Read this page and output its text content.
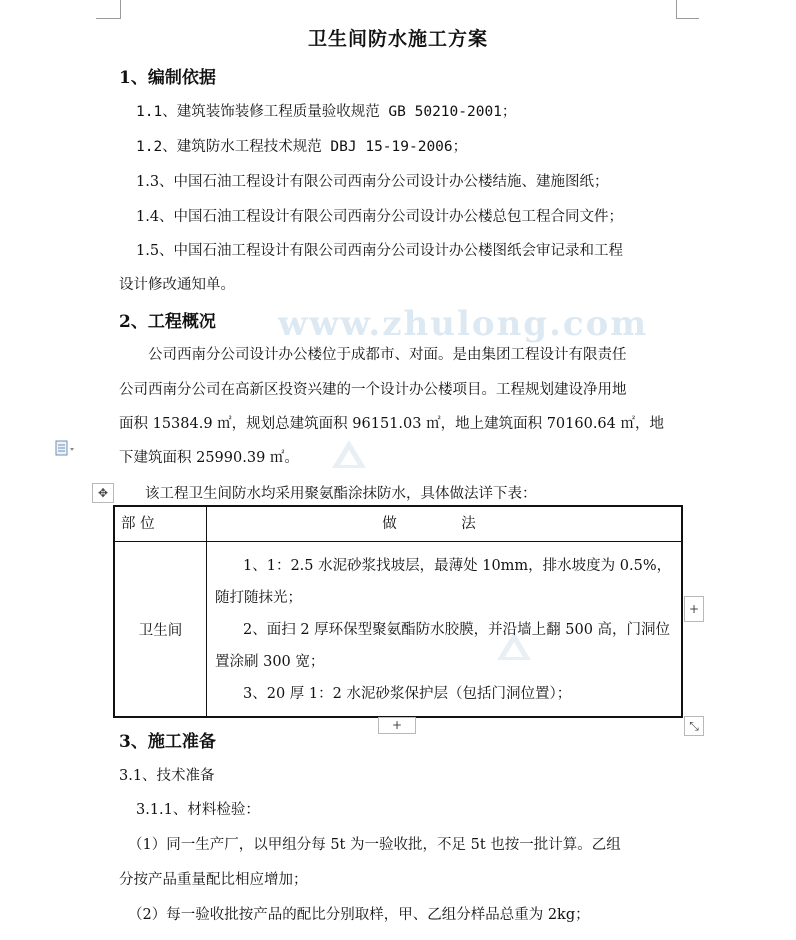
www.zhulong.com
卫生间防水施工方案
1、编制依据
1.1、建筑装饰装修工程质量验收规范 GB 50210-2001；
1.2、建筑防水工程技术规范 DBJ 15-19-2006；
1.3、中国石油工程设计有限公司西南分公司设计办公楼结施、建施图纸；
1.4、中国石油工程设计有限公司西南分公司设计办公楼总包工程合同文件；
1.5、中国石油工程设计有限公司西南分公司设计办公楼图纸会审记录和工程
设计修改通知单。
2、工程概况
公司西南分公司设计办公楼位于成都市、对面。是由集团工程设计有限责任
公司西南分公司在高新区投资兴建的一个设计办公楼项目。工程规划建设净用地
面积 15384.9 ㎡，规划总建筑面积 96151.03 ㎡，地上建筑面积 70160.64 ㎡，地
下建筑面积 25990.39 ㎡。
✥	该工程卫生间防水均采用聚氨酯涂抹防水，具体做法详下表：
部 位	做 法
卫生间	1、1：2.5 水泥砂浆找坡层，最薄处 10mm，排水坡度为 0.5%，随打随抹光；

2、面扫 2 厚环保型聚氨酯防水胶膜，并沿墙上翻 500 高，门洞位置涂刷 300 宽；

3、20 厚 1：2 水泥砂浆保护层（包括门洞位置）；

+
+	⤡
3、施工准备
3.1、技术准备
3.1.1、材料检验：
（1）同一生产厂，以甲组分每 5t 为一验收批，不足 5t 也按一批计算。乙组
分按产品重量配比相应增加；
（2）每一验收批按产品的配比分别取样，甲、乙组分样品总重为 2kg；
